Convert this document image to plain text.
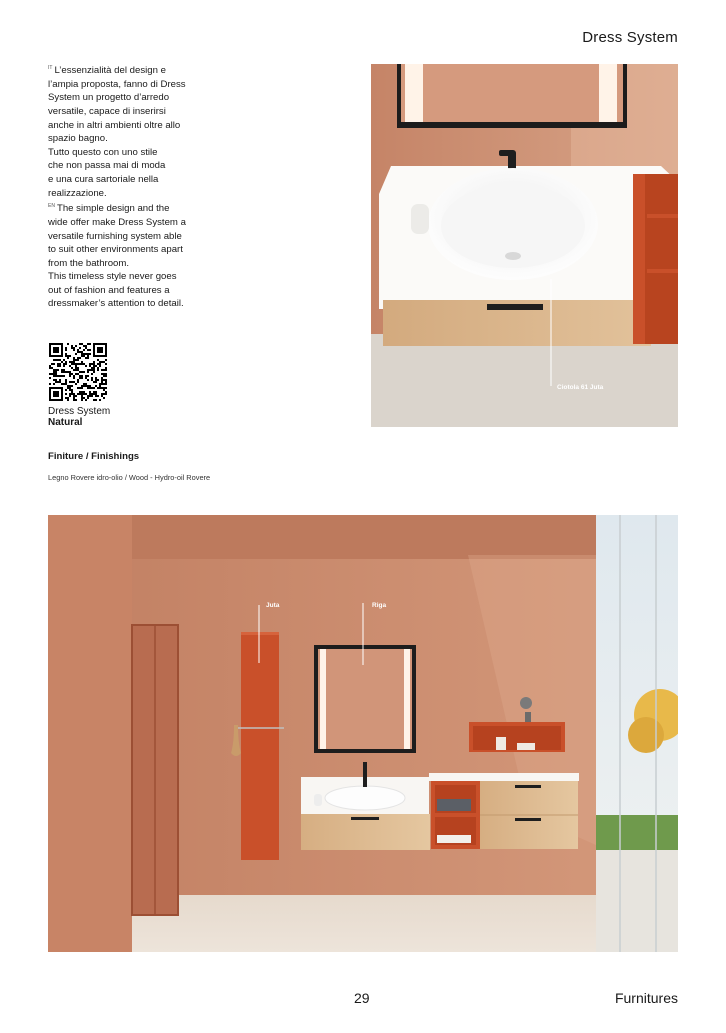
Dress System

$^{IT}$ L’essenzialità del design e
l’ampia proposta, fanno di Dress
System un progetto d’arredo
versatile, capace di inserirsi
anche in altri ambienti oltre allo
spazio bagno.
Tutto questo con uno stile
che non passa mai di moda
e una cura sartoriale nella
realizzazione.

$^{EN}$ The simple design and the
wide offer make Dress System a
versatile furnishing system able
to suit other environments apart
from the bathroom.
This timeless style never goes
out of fashion and features a
dressmaker’s attention to detail.

Dress System
Natural
Finiture / Finishings
Legno Rovere idro-olio / Wood - Hydro-oil Rovere
Ciotola 61 Juta
Juta	Riga
29	Furnitures
